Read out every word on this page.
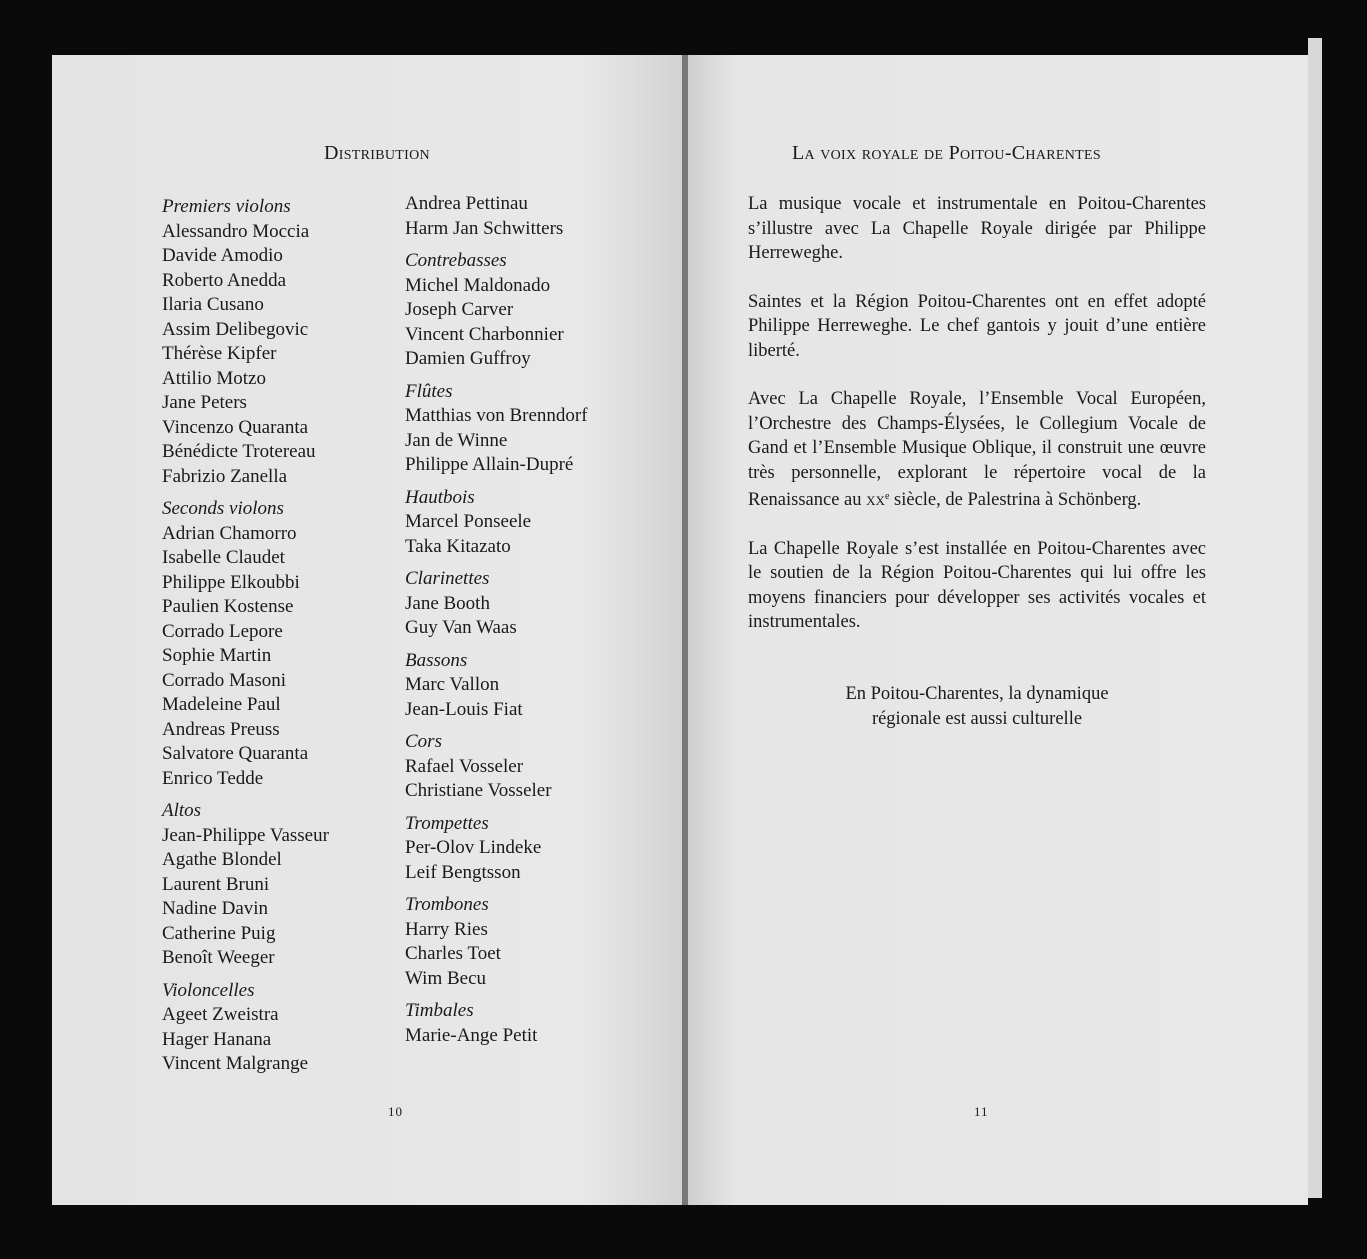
Distribution
Premiers violons
Alessandro Moccia
Davide Amodio
Roberto Anedda
Ilaria Cusano
Assim Delibegovic
Thérèse Kipfer
Attilio Motzo
Jane Peters
Vincenzo Quaranta
Bénédicte Trotereau
Fabrizio Zanella
Seconds violons
Adrian Chamorro
Isabelle Claudet
Philippe Elkoubbi
Paulien Kostense
Corrado Lepore
Sophie Martin
Corrado Masoni
Madeleine Paul
Andreas Preuss
Salvatore Quaranta
Enrico Tedde
Altos
Jean-Philippe Vasseur
Agathe Blondel
Laurent Bruni
Nadine Davin
Catherine Puig
Benoît Weeger
Violoncelles
Ageet Zweistra
Hager Hanana
Vincent Malgrange
Andrea Pettinau
Harm Jan Schwitters
Contrebasses
Michel Maldonado
Joseph Carver
Vincent Charbonnier
Damien Guffroy
Flûtes
Matthias von Brenndorf
Jan de Winne
Philippe Allain-Dupré
Hautbois
Marcel Ponseele
Taka Kitazato
Clarinettes
Jane Booth
Guy Van Waas
Bassons
Marc Vallon
Jean-Louis Fiat
Cors
Rafael Vosseler
Christiane Vosseler
Trompettes
Per-Olov Lindeke
Leif Bengtsson
Trombones
Harry Ries
Charles Toet
Wim Becu
Timbales
Marie-Ange Petit
10
La voix royale de Poitou-Charentes

La musique vocale et instrumentale en Poitou-Charentes s’illustre avec La Chapelle Royale dirigée par Philippe Herreweghe.

Saintes et la Région Poitou-Charentes ont en effet adopté Philippe Herreweghe. Le chef gantois y jouit d’une entière liberté.

Avec La Chapelle Royale, l’Ensemble Vocal Européen, l’Orchestre des Champs-Élysées, le Collegium Vocale de Gand et l’Ensemble Musique Oblique, il construit une œuvre très personnelle, explorant le répertoire vocal de la Renaissance au $xx^e$ siècle, de Palestrina à Schönberg.

La Chapelle Royale s’est installée en Poitou-Charentes avec le soutien de la Région Poitou-Charentes qui lui offre les moyens financiers pour développer ses activités vocales et instrumentales.

En Poitou-Charentes, la dynamique
régionale est aussi culturelle
11
